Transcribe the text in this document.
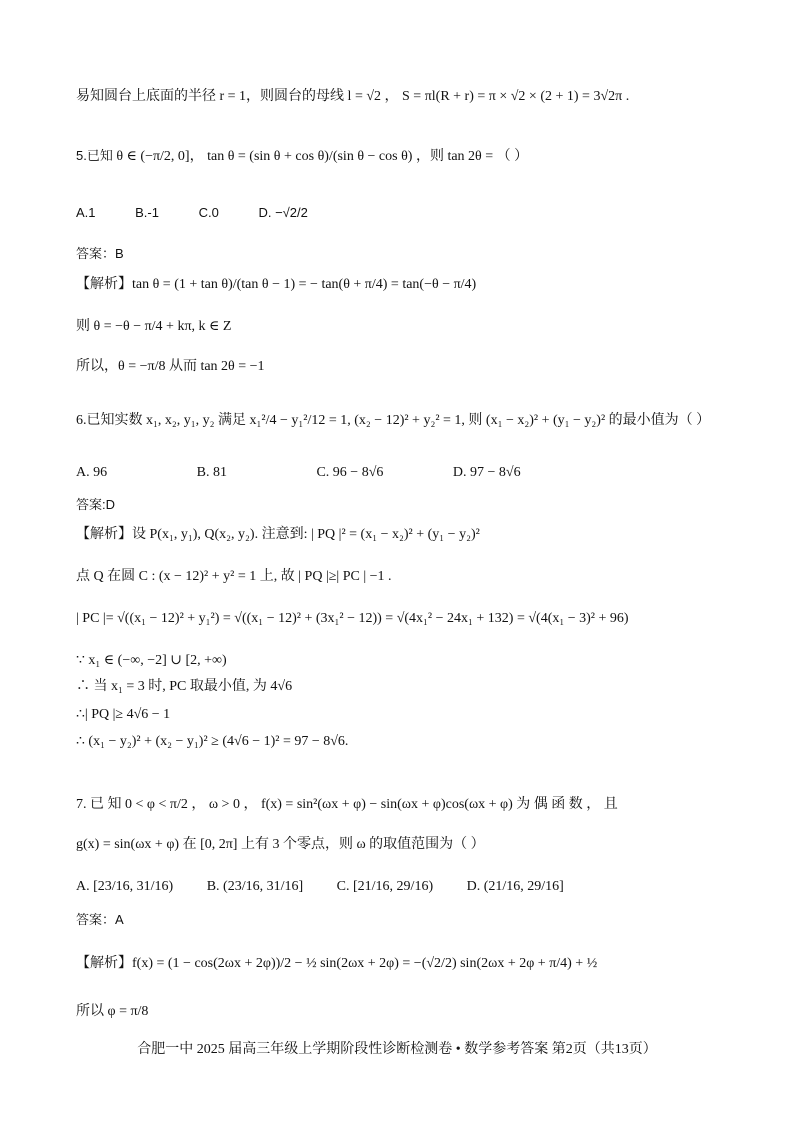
易知圆台上底面的半径 r = 1，则圆台的母线 l = √2 ， S = πl(R + r) = π × √2 × (2 + 1) = 3√2π .
5.已知 θ ∈ (−π/2, 0]， tan θ = (sin θ + cos θ)/(sin θ − cos θ) ，则 tan 2θ = （ ）
A.1	B.-1	C.0	D. −√2/2
答案：B
【解析】tan θ = (1 + tan θ)/(tan θ − 1) = − tan(θ + π/4) = tan(−θ − π/4)
则 θ = −θ − π/4 + kπ, k ∈ Z
所以，θ = −π/8 从而 tan 2θ = −1
6.已知实数 x₁, x₂, y₁, y₂ 满足 x₁²/4 − y₁²/12 = 1, (x₂ − 12)² + y₂² = 1, 则 (x₁ − x₂)² + (y₁ − y₂)² 的最小值为（ ）
A. 96	B. 81	C. 96 − 8√6	D. 97 − 8√6
答案:D
【解析】设 P(x₁, y₁), Q(x₂, y₂). 注意到: | PQ |² = (x₁ − x₂)² + (y₁ − y₂)²
点 Q 在圆 C : (x − 12)² + y² = 1 上, 故 | PQ |≥| PC | −1 .
| PC |= √((x₁ − 12)² + y₁²) = √((x₁ − 12)² + (3x₁² − 12)) = √(4x₁² − 24x₁ + 132) = √(4(x₁ − 3)² + 96)
∵ x₁ ∈ (−∞, −2] ∪ [2, +∞)
∴ 当 x₁ = 3 时, PC 取最小值, 为 4√6
∴| PQ |≥ 4√6 − 1
∴ (x₁ − y₂)² + (x₂ − y₁)² ≥ (4√6 − 1)² = 97 − 8√6.
7. 已 知 0 < φ < π/2 ， ω > 0 ， f(x) = sin²(ωx + φ) − sin(ωx + φ)cos(ωx + φ) 为 偶 函 数 ， 且
g(x) = sin(ωx + φ) 在 [0, 2π] 上有 3 个零点，则 ω 的取值范围为（ ）
A. [23/16, 31/16) B. (23/16, 31/16] C. [21/16, 29/16) D. (21/16, 29/16]
答案：A
【解析】f(x) = (1 − cos(2ωx + 2φ))/2 − ½ sin(2ωx + 2φ) = −(√2/2) sin(2ωx + 2φ + π/4) + ½
所以 φ = π/8
合肥一中 2025 届高三年级上学期阶段性诊断检测卷 • 数学参考答案 第2页（共13页）
